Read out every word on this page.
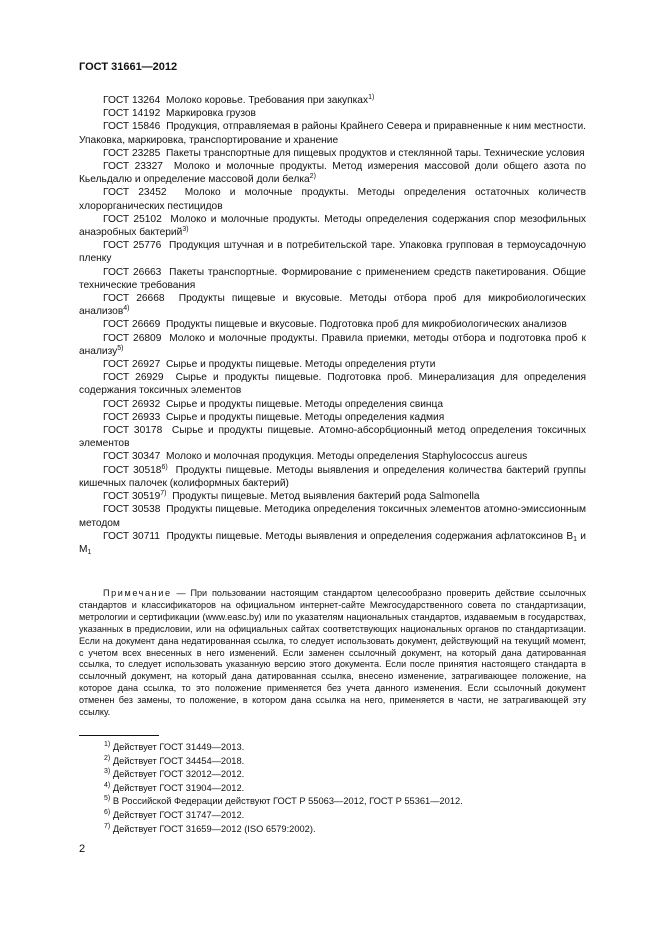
ГОСТ 31661—2012

ГОСТ 13264 Молоко коровье. Требования при закупках$^{1)}$

ГОСТ 14192 Маркировка грузов

ГОСТ 15846 Продукция, отправляемая в районы Крайнего Севера и приравненные к ним местности. Упаковка, маркировка, транспортирование и хранение

ГОСТ 23285 Пакеты транспортные для пищевых продуктов и стеклянной тары. Технические условия

ГОСТ 23327 Молоко и молочные продукты. Метод измерения массовой доли общего азота по Кьельдалю и определение массовой доли белка$^{2)}$

ГОСТ 23452 Молоко и молочные продукты. Методы определения остаточных количеств хлорорганических пестицидов

ГОСТ 25102 Молоко и молочные продукты. Методы определения содержания спор мезофильных анаэробных бактерий$^{3)}$

ГОСТ 25776 Продукция штучная и в потребительской таре. Упаковка групповая в термоусадочную пленку

ГОСТ 26663 Пакеты транспортные. Формирование с применением средств пакетирования. Общие технические требования

ГОСТ 26668 Продукты пищевые и вкусовые. Методы отбора проб для микробиологических анализов$^{4)}$

ГОСТ 26669 Продукты пищевые и вкусовые. Подготовка проб для микробиологических анализов

ГОСТ 26809 Молоко и молочные продукты. Правила приемки, методы отбора и подготовка проб к анализу$^{5)}$

ГОСТ 26927 Сырье и продукты пищевые. Методы определения ртути

ГОСТ 26929 Сырье и продукты пищевые. Подготовка проб. Минерализация для определения содержания токсичных элементов

ГОСТ 26932 Сырье и продукты пищевые. Методы определения свинца

ГОСТ 26933 Сырье и продукты пищевые. Методы определения кадмия

ГОСТ 30178 Сырье и продукты пищевые. Атомно-абсорбционный метод определения токсичных элементов

ГОСТ 30347 Молоко и молочная продукция. Методы определения Staphylococcus aureus

ГОСТ 30518$^{6)}$ Продукты пищевые. Методы выявления и определения количества бактерий группы кишечных палочек (колиформных бактерий)

ГОСТ 30519$^{7)}$ Продукты пищевые. Метод выявления бактерий рода Salmonella

ГОСТ 30538 Продукты пищевые. Методика определения токсичных элементов атомно-эмиссионным методом

ГОСТ 30711 Продукты пищевые. Методы выявления и определения содержания афлатоксинов $B_1$ и $M_1$

Примечание — При пользовании настоящим стандартом целесообразно проверить действие ссылочных стандартов и классификаторов на официальном интернет-сайте Межгосударственного совета по стандартизации, метрологии и сертификации (www.easc.by) или по указателям национальных стандартов, издаваемым в государствах, указанных в предисловии, или на официальных сайтах соответствующих национальных органов по стандартизации. Если на документ дана недатированная ссылка, то следует использовать документ, действующий на текущий момент, с учетом всех внесенных в него изменений. Если заменен ссылочный документ, на который дана датированная ссылка, то следует использовать указанную версию этого документа. Если после принятия настоящего стандарта в ссылочный документ, на который дана датированная ссылка, внесено изменение, затрагивающее положение, на которое дана ссылка, то это положение применяется без учета данного изменения. Если ссылочный документ отменен без замены, то положение, в котором дана ссылка на него, применяется в части, не затрагивающей эту ссылку.

$^{1)}$ Действует ГОСТ 31449—2013.
$^{2)}$ Действует ГОСТ 34454—2018.
$^{3)}$ Действует ГОСТ 32012—2012.
$^{4)}$ Действует ГОСТ 31904—2012.
$^{5)}$ В Российской Федерации действуют ГОСТ Р 55063—2012, ГОСТ Р 55361—2012.
$^{6)}$ Действует ГОСТ 31747—2012.
$^{7)}$ Действует ГОСТ 31659—2012 (ISO 6579:2002).
2
